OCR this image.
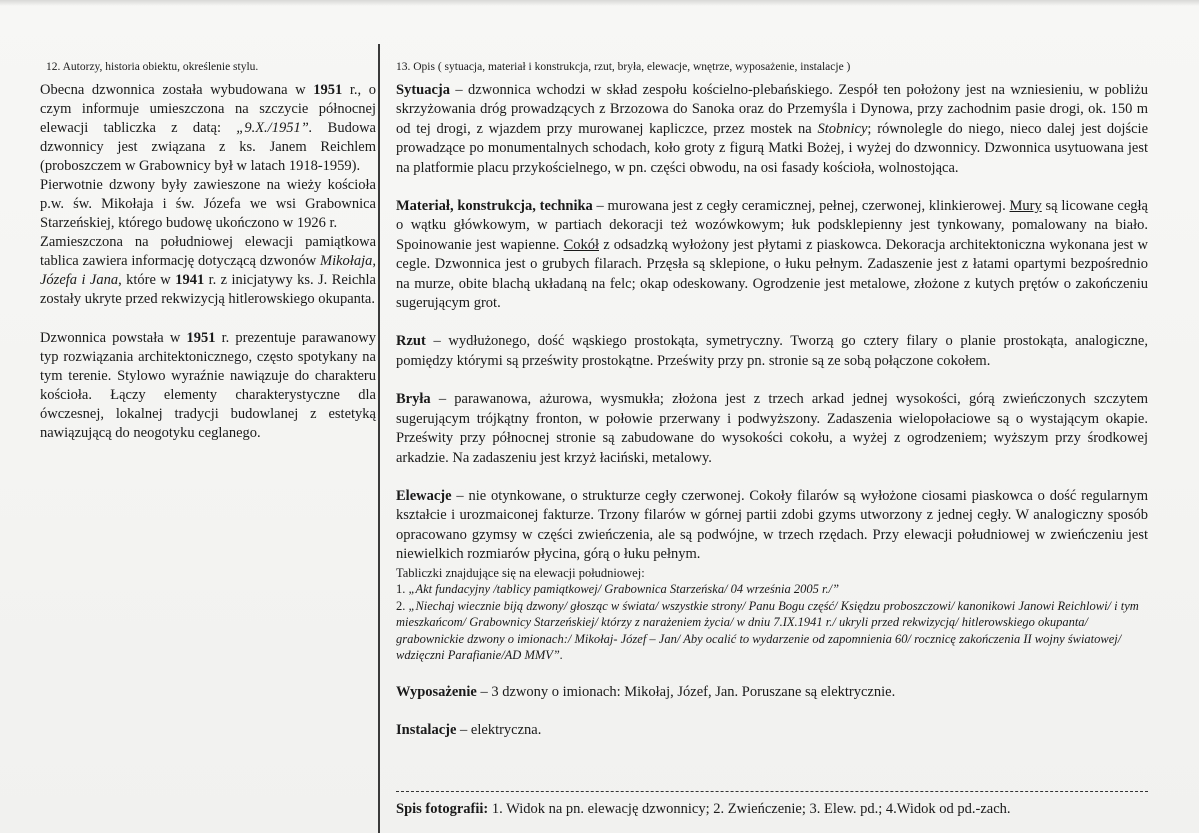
12. Autorzy, historia obiektu, określenie stylu.

Obecna dzwonnica została wybudowana w 1951 r., o czym informuje umieszczona na szczycie północnej elewacji tabliczka z datą: „9.X./1951”. Budowa dzwonnicy jest związana z ks. Janem Reichlem (proboszczem w Grabownicy był w latach 1918-1959).

Pierwotnie dzwony były zawieszone na wieży kościoła p.w. św. Mikołaja i św. Józefa we wsi Grabownica Starzeńskiej, którego budowę ukończono w 1926 r.

Zamieszczona na południowej elewacji pamiątkowa tablica zawiera informację dotyczącą dzwonów Mikołaja, Józefa i Jana, które w 1941 r. z inicjatywy ks. J. Reichla zostały ukryte przed rekwizycją hitlerowskiego okupanta.

Dzwonnica powstała w 1951 r. prezentuje parawanowy typ rozwiązania architektonicznego, często spotykany na tym terenie. Stylowo wyraźnie nawiązuje do charakteru kościoła. Łączy elementy charakterystyczne dla ówczesnej, lokalnej tradycji budowlanej z estetyką nawiązującą do neogotyku ceglanego.

13. Opis ( sytuacja, materiał i konstrukcja, rzut, bryła, elewacje, wnętrze, wyposażenie, instalacje )

Sytuacja – dzwonnica wchodzi w skład zespołu kościelno-plebańskiego. Zespół ten położony jest na wzniesieniu, w pobliżu skrzyżowania dróg prowadzących z Brzozowa do Sanoka oraz do Przemyśla i Dynowa, przy zachodnim pasie drogi, ok. 150 m od tej drogi, z wjazdem przy murowanej kapliczce, przez mostek na Stobnicy; równolegle do niego, nieco dalej jest dojście prowadzące po monumentalnych schodach, koło groty z figurą Matki Bożej, i wyżej do dzwonnicy. Dzwonnica usytuowana jest na platformie placu przykościelnego, w pn. części obwodu, na osi fasady kościoła, wolnostojąca.

Materiał, konstrukcja, technika – murowana jest z cegły ceramicznej, pełnej, czerwonej, klinkierowej. Mury są licowane cegłą o wątku główkowym, w partiach dekoracji też wozówkowym; łuk podsklepienny jest tynkowany, pomalowany na biało. Spoinowanie jest wapienne. Cokół z odsadzką wyłożony jest płytami z piaskowca. Dekoracja architektoniczna wykonana jest w cegle. Dzwonnica jest o grubych filarach. Przęsła są sklepione, o łuku pełnym. Zadaszenie jest z łatami opartymi bezpośrednio na murze, obite blachą układaną na felc; okap odeskowany. Ogrodzenie jest metalowe, złożone z kutych prętów o zakończeniu sugerującym grot.

Rzut – wydłużonego, dość wąskiego prostokąta, symetryczny. Tworzą go cztery filary o planie prostokąta, analogiczne, pomiędzy którymi są prześwity prostokątne. Prześwity przy pn. stronie są ze sobą połączone cokołem.

Bryła – parawanowa, ażurowa, wysmukła; złożona jest z trzech arkad jednej wysokości, górą zwieńczonych szczytem sugerującym trójkątny fronton, w połowie przerwany i podwyższony. Zadaszenia wielopołaciowe są o wystającym okapie. Prześwity przy północnej stronie są zabudowane do wysokości cokołu, a wyżej z ogrodzeniem; wyższym przy środkowej arkadzie. Na zadaszeniu jest krzyż łaciński, metalowy.

Elewacje – nie otynkowane, o strukturze cegły czerwonej. Cokoły filarów są wyłożone ciosami piaskowca o dość regularnym kształcie i urozmaiconej fakturze. Trzony filarów w górnej partii zdobi gzyms utworzony z jednej cegły. W analogiczny sposób opracowano gzymsy w części zwieńczenia, ale są podwójne, w trzech rzędach. Przy elewacji południowej w zwieńczeniu jest niewielkich rozmiarów płycina, górą o łuku pełnym.

Tabliczki znajdujące się na elewacji południowej:

1. „Akt fundacyjny /tablicy pamiątkowej/ Grabownica Starzeńska/ 04 września 2005 r./”

2. „Niechaj wiecznie biją dzwony/ głosząc w świata/ wszystkie strony/ Panu Bogu część/ Księdzu proboszczowi/ kanonikowi Janowi Reichlowi/ i tym mieszkańcom/ Grabownicy Starzeńskiej/ którzy z narażeniem życia/ w dniu 7.IX.1941 r./ ukryli przed rekwizycją/ hitlerowskiego okupanta/ grabownickie dzwony o imionach:/ Mikołaj- Józef – Jan/ Aby ocalić to wydarzenie od zapomnienia 60/ rocznicę zakończenia II wojny światowej/ wdzięczni Parafianie/AD MMV”.

Wyposażenie – 3 dzwony o imionach: Mikołaj, Józef, Jan. Poruszane są elektrycznie.

Instalacje – elektryczna.

Spis fotografii: 1. Widok na pn. elewację dzwonnicy; 2. Zwieńczenie; 3. Elew. pd.; 4.Widok od pd.-zach.
